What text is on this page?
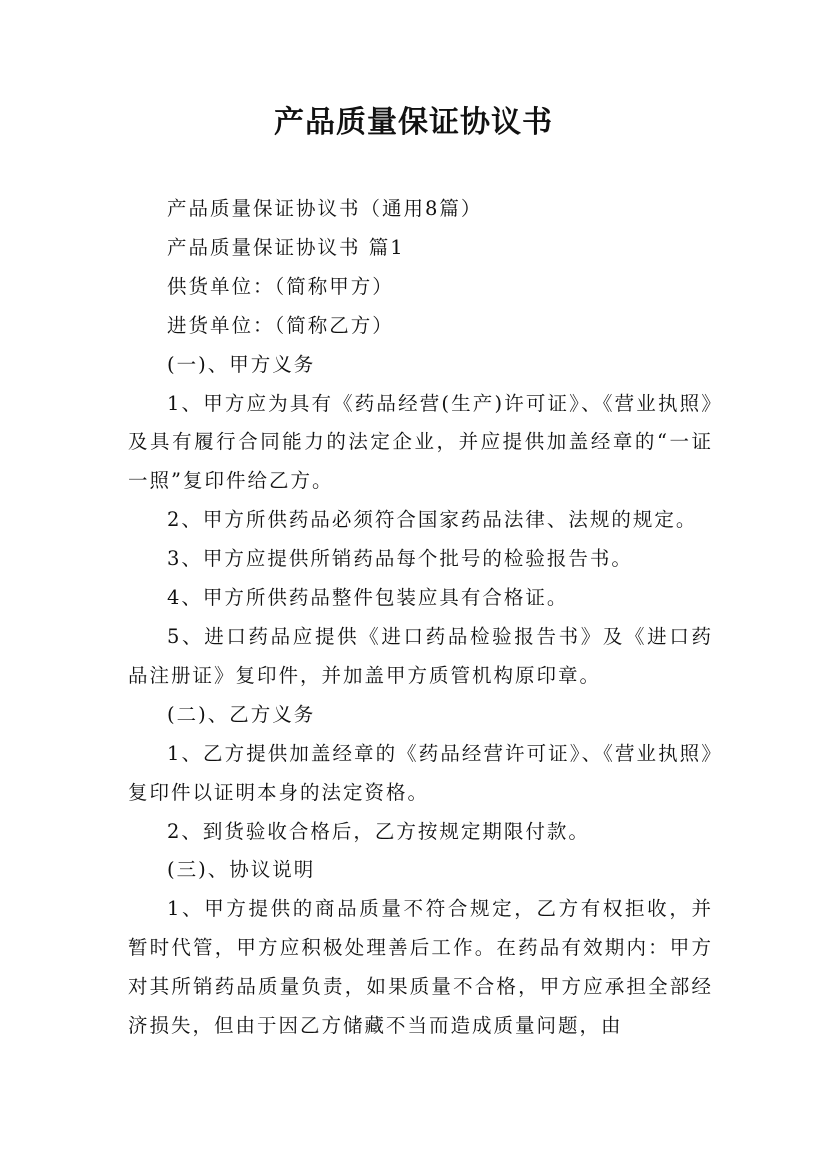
产品质量保证协议书

产品质量保证协议书（通用8篇）

产品质量保证协议书 篇1

供货单位：（简称甲方）

进货单位：（简称乙方）

(一)、甲方义务

1、甲方应为具有《药品经营(生产)许可证》、《营业执照》及具有履行合同能力的法定企业，并应提供加盖经章的“一证一照”复印件给乙方。

2、甲方所供药品必须符合国家药品法律、法规的规定。

3、甲方应提供所销药品每个批号的检验报告书。

4、甲方所供药品整件包装应具有合格证。

5、进口药品应提供《进口药品检验报告书》及《进口药品注册证》复印件，并加盖甲方质管机构原印章。

(二)、乙方义务

1、乙方提供加盖经章的《药品经营许可证》、《营业执照》复印件以证明本身的法定资格。

2、到货验收合格后，乙方按规定期限付款。

(三)、协议说明

1、甲方提供的商品质量不符合规定，乙方有权拒收，并暂时代管，甲方应积极处理善后工作。在药品有效期内：甲方对其所销药品质量负责，如果质量不合格，甲方应承担全部经济损失，但由于因乙方储藏不当而造成质量问题，由
